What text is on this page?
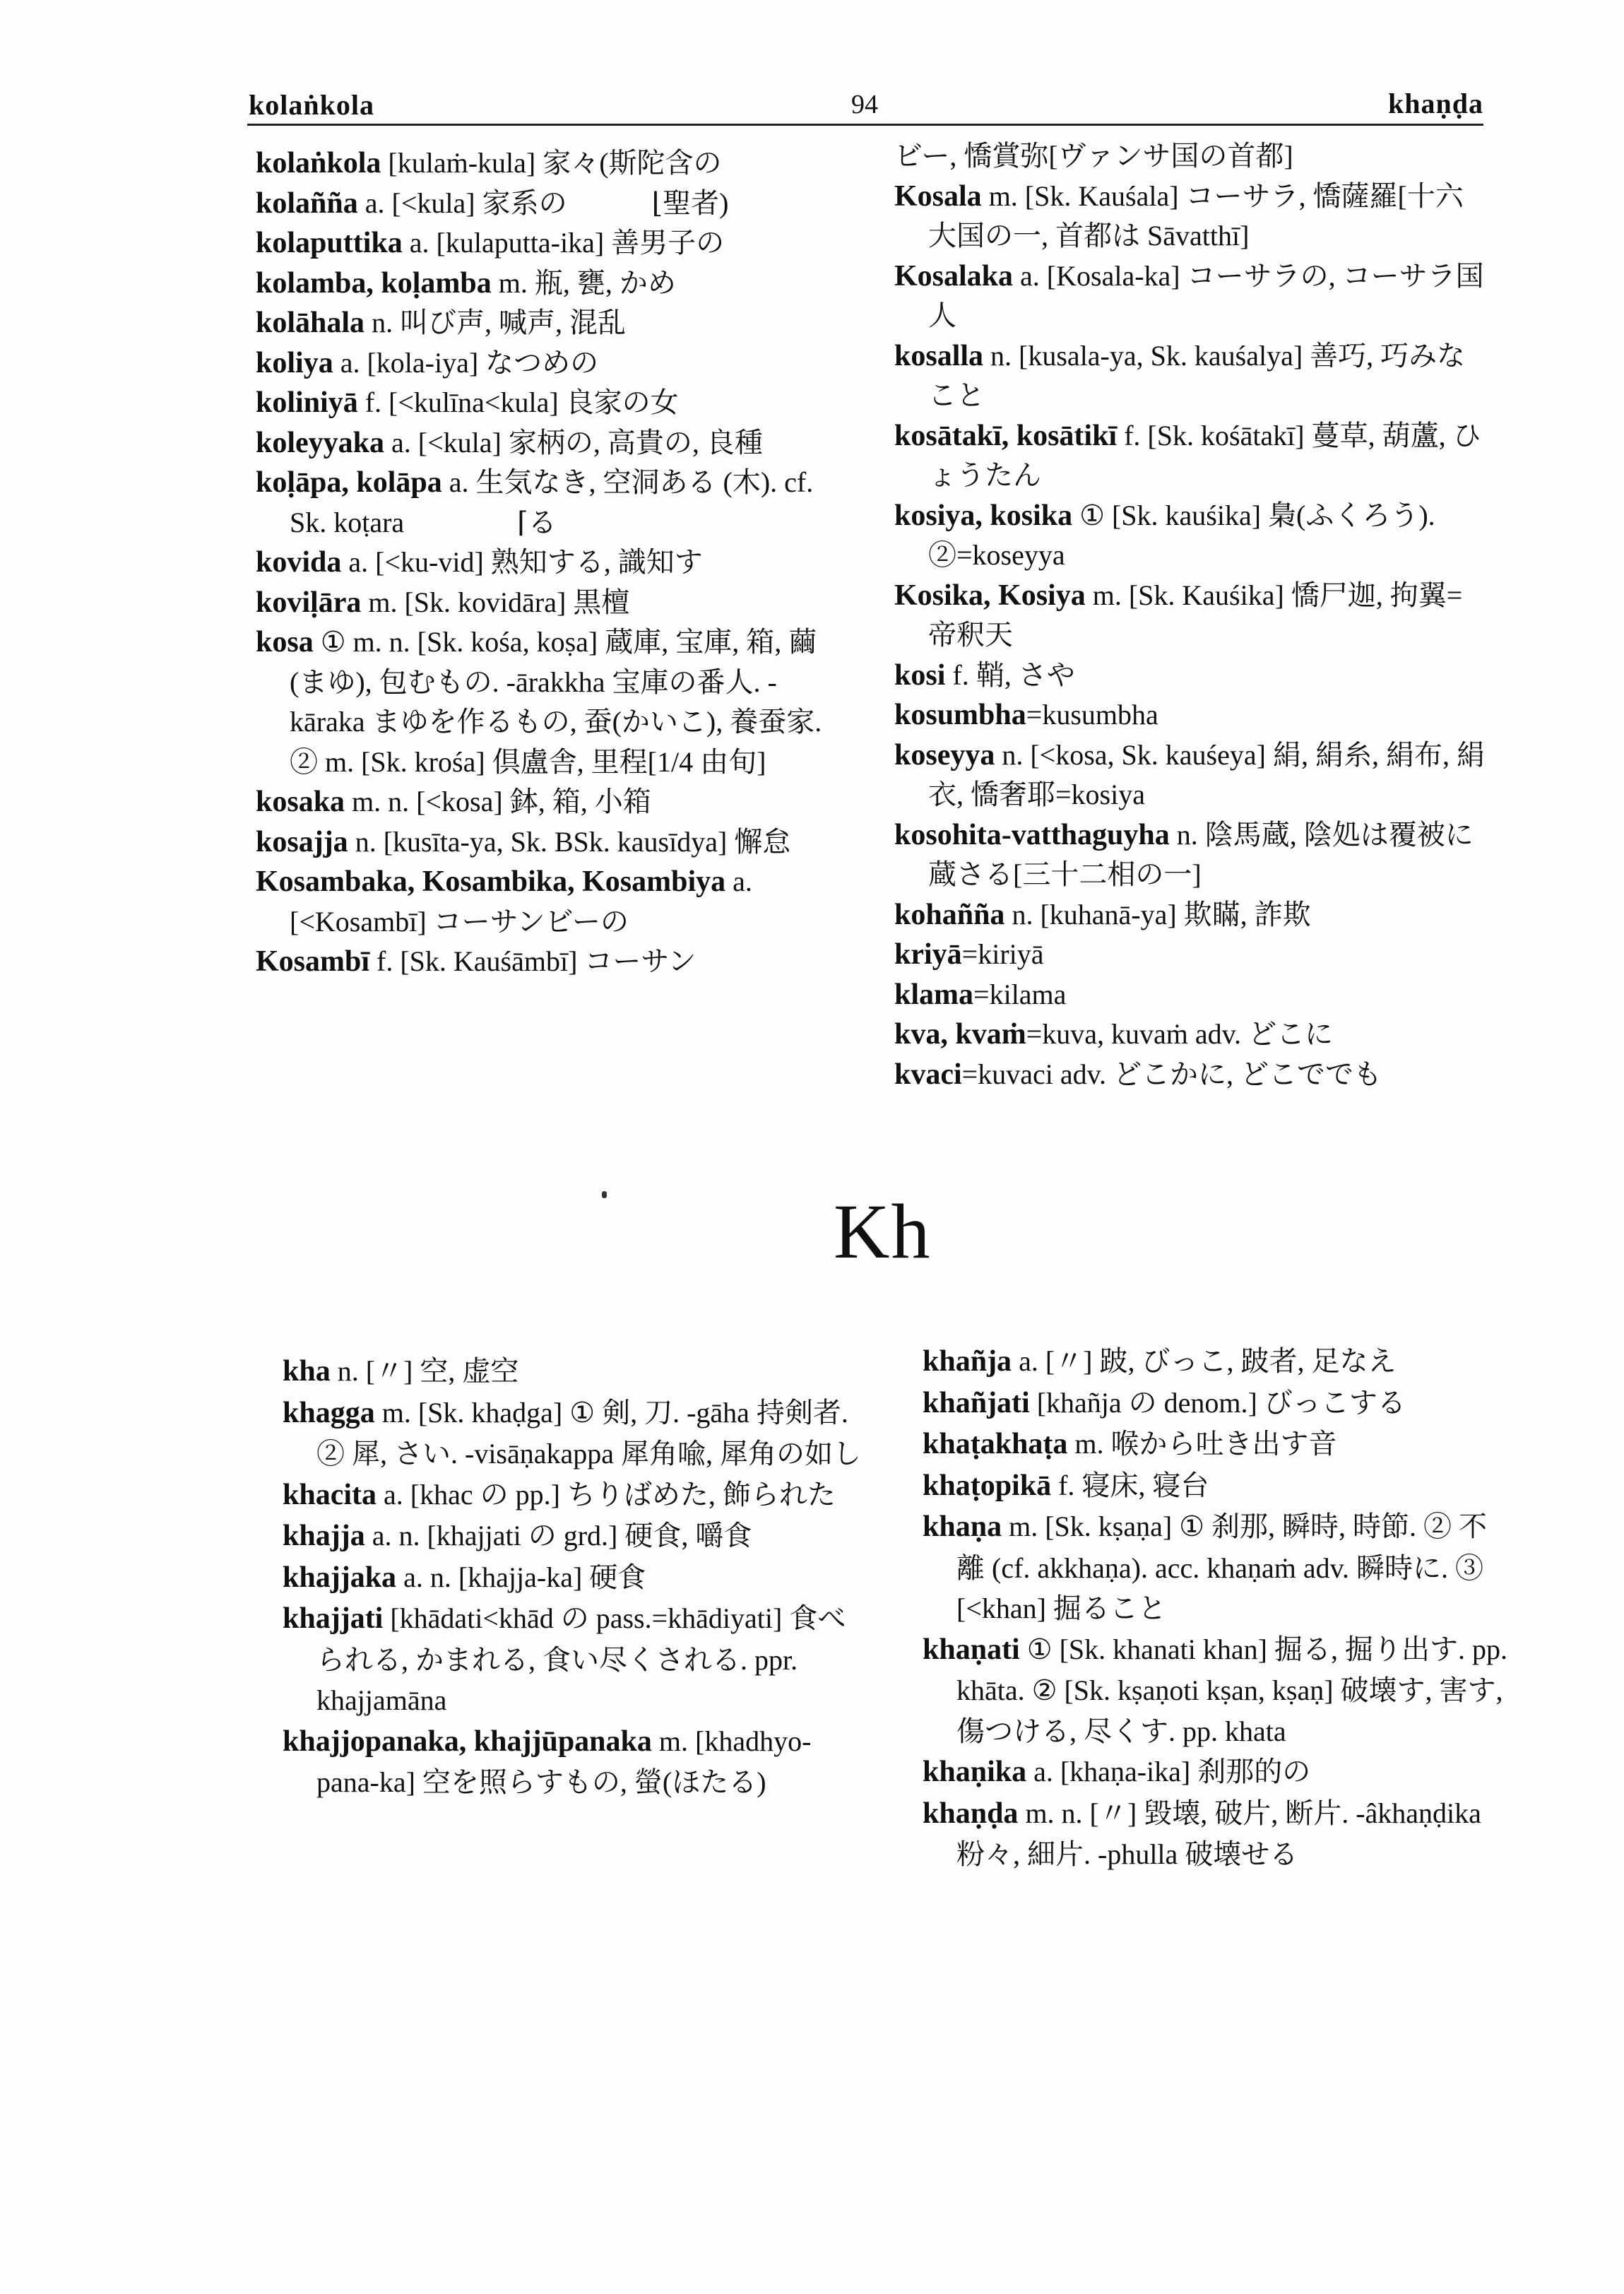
kolaṅkola	94	khaṇḍa

kolaṅkola [kulaṁ-kula] 家々(斯陀含の

kolañña a. [<kula] 家系の　　　⌊聖者)

kolaputtika a. [kulaputta-ika] 善男子の

kolamba, koḷamba m. 瓶, 甕, かめ

kolāhala n. 叫び声, 喊声, 混乱

koliya a. [kola-iya] なつめの

koliniyā f. [<kulīna<kula] 良家の女

koleyyaka a. [<kula] 家柄の, 高貴の, 良種

koḷāpa, kolāpa a. 生気なき, 空洞ある (木). cf. Sk. koṭara　　　　⌈る

kovida a. [<ku-vid] 熟知する, 識知す

koviḷāra m. [Sk. kovidāra] 黒檀

kosa ① m. n. [Sk. kośa, koṣa] 蔵庫, 宝庫, 箱, 繭(まゆ), 包むもの. -ārakkha 宝庫の番人. -kāraka まゆを作るもの, 蚕(かいこ), 養蚕家. ② m. [Sk. krośa] 倶盧舎, 里程[1/4 由旬]

kosaka m. n. [<kosa] 鉢, 箱, 小箱

kosajja n. [kusīta-ya, Sk. BSk. kausīdya] 懈怠

Kosambaka, Kosambika, Kosambiya a. [<Kosambī] コーサンビーの

Kosambī f. [Sk. Kauśāmbī] コーサン

ビー, 憍賞弥[ヴァンサ国の首都]

Kosala m. [Sk. Kauśala] コーサラ, 憍薩羅[十六大国の一, 首都は Sāvatthī]

Kosalaka a. [Kosala-ka] コーサラの, コーサラ国人

kosalla n. [kusala-ya, Sk. kauśalya] 善巧, 巧みなこと

kosātakī, kosātikī f. [Sk. kośātakī] 蔓草, 葫蘆, ひょうたん

kosiya, kosika ① [Sk. kauśika] 梟(ふくろう). ②=koseyya

Kosika, Kosiya m. [Sk. Kauśika] 憍尸迦, 拘翼=帝釈天

kosi f. 鞘, さや

kosumbha=kusumbha

koseyya n. [<kosa, Sk. kauśeya] 絹, 絹糸, 絹布, 絹衣, 憍奢耶=kosiya

kosohita-vatthaguyha n. 陰馬蔵, 陰処は覆被に蔵さる[三十二相の一]

kohañña n. [kuhanā-ya] 欺瞞, 詐欺

kriyā=kiriyā

klama=kilama

kva, kvaṁ=kuva, kuvaṁ adv. どこに

kvaci=kuvaci adv. どこかに, どこででも

Kh

kha n. [〃] 空, 虚空

khagga m. [Sk. khaḍga] ① 剣, 刀. -gāha 持剣者. ② 犀, さい. -visāṇakappa 犀角喩, 犀角の如し

khacita a. [khac の pp.] ちりばめた, 飾られた

khajja a. n. [khajjati の grd.] 硬食, 嚼食

khajjaka a. n. [khajja-ka] 硬食

khajjati [khādati<khād の pass.=khādiyati] 食べられる, かまれる, 食い尽くされる. ppr. khajjamāna

khajjopanaka, khajjūpanaka m. [khadhyo-pana-ka] 空を照らすもの, 螢(ほたる)

khañja a. [〃] 跛, びっこ, 跛者, 足なえ

khañjati [khañja の denom.] びっこする

khaṭakhaṭa m. 喉から吐き出す音

khaṭopikā f. 寝床, 寝台

khaṇa m. [Sk. kṣaṇa] ① 刹那, 瞬時, 時節. ② 不離 (cf. akkhaṇa). acc. khaṇaṁ adv. 瞬時に. ③ [<khan] 掘ること

khaṇati ① [Sk. khanati khan] 掘る, 掘り出す. pp. khāta. ② [Sk. kṣaṇoti kṣan, kṣaṇ] 破壊す, 害す, 傷つける, 尽くす. pp. khata

khaṇika a. [khaṇa-ika] 刹那的の

khaṇḍa m. n. [〃] 毀壊, 破片, 断片. -âkhaṇḍika 粉々, 細片. -phulla 破壊せる
